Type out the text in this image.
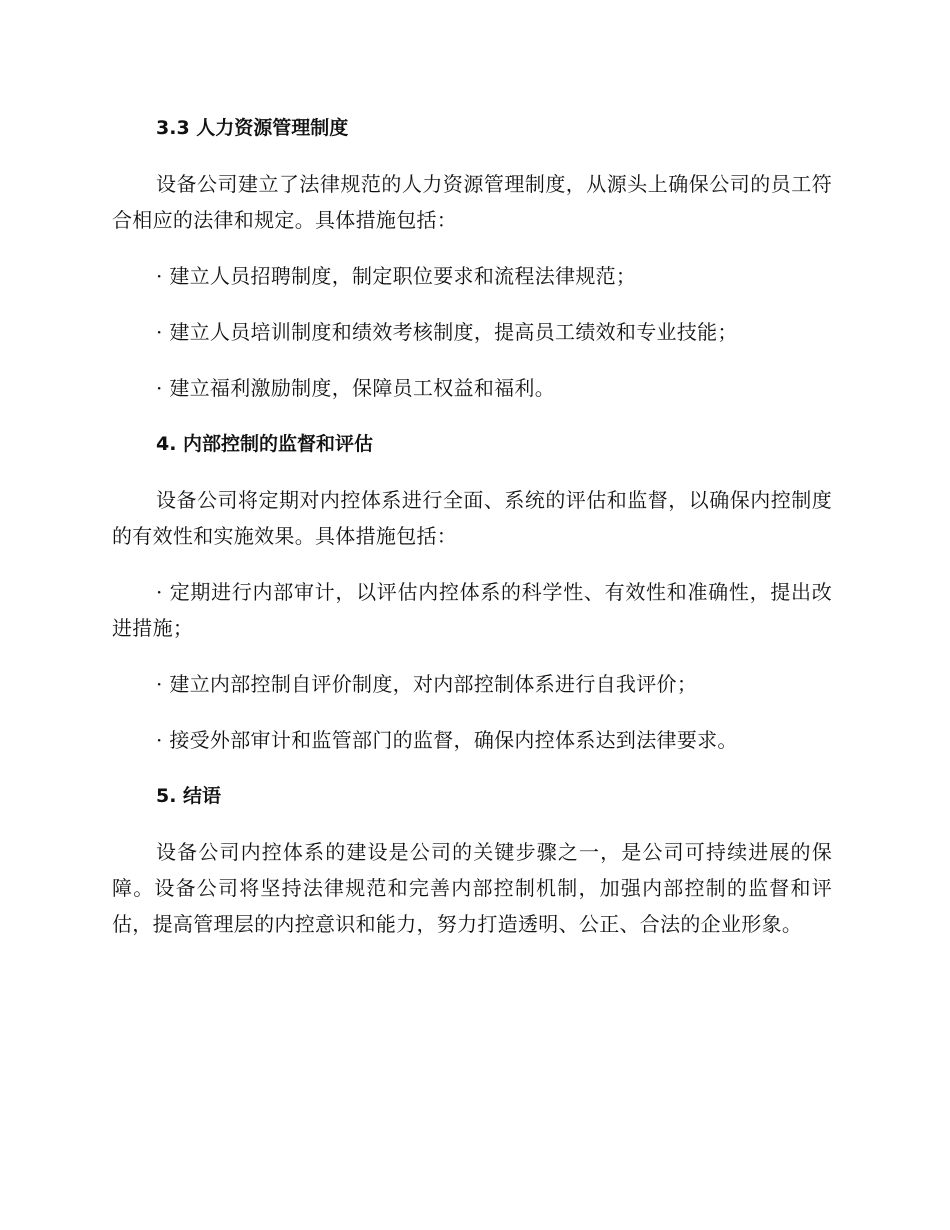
3.3 人力资源管理制度

设备公司建立了法律规范的人力资源管理制度，从源头上确保公司的员工符合相应的法律和规定。具体措施包括：

· 建立人员招聘制度，制定职位要求和流程法律规范；

· 建立人员培训制度和绩效考核制度，提高员工绩效和专业技能；

· 建立福利激励制度，保障员工权益和福利。

4. 内部控制的监督和评估

设备公司将定期对内控体系进行全面、系统的评估和监督，以确保内控制度的有效性和实施效果。具体措施包括：

· 定期进行内部审计，以评估内控体系的科学性、有效性和准确性，提出改进措施；

· 建立内部控制自评价制度，对内部控制体系进行自我评价；

· 接受外部审计和监管部门的监督，确保内控体系达到法律要求。

5. 结语

设备公司内控体系的建设是公司的关键步骤之一，是公司可持续进展的保障。设备公司将坚持法律规范和完善内部控制机制，加强内部控制的监督和评估，提高管理层的内控意识和能力，努力打造透明、公正、合法的企业形象。
